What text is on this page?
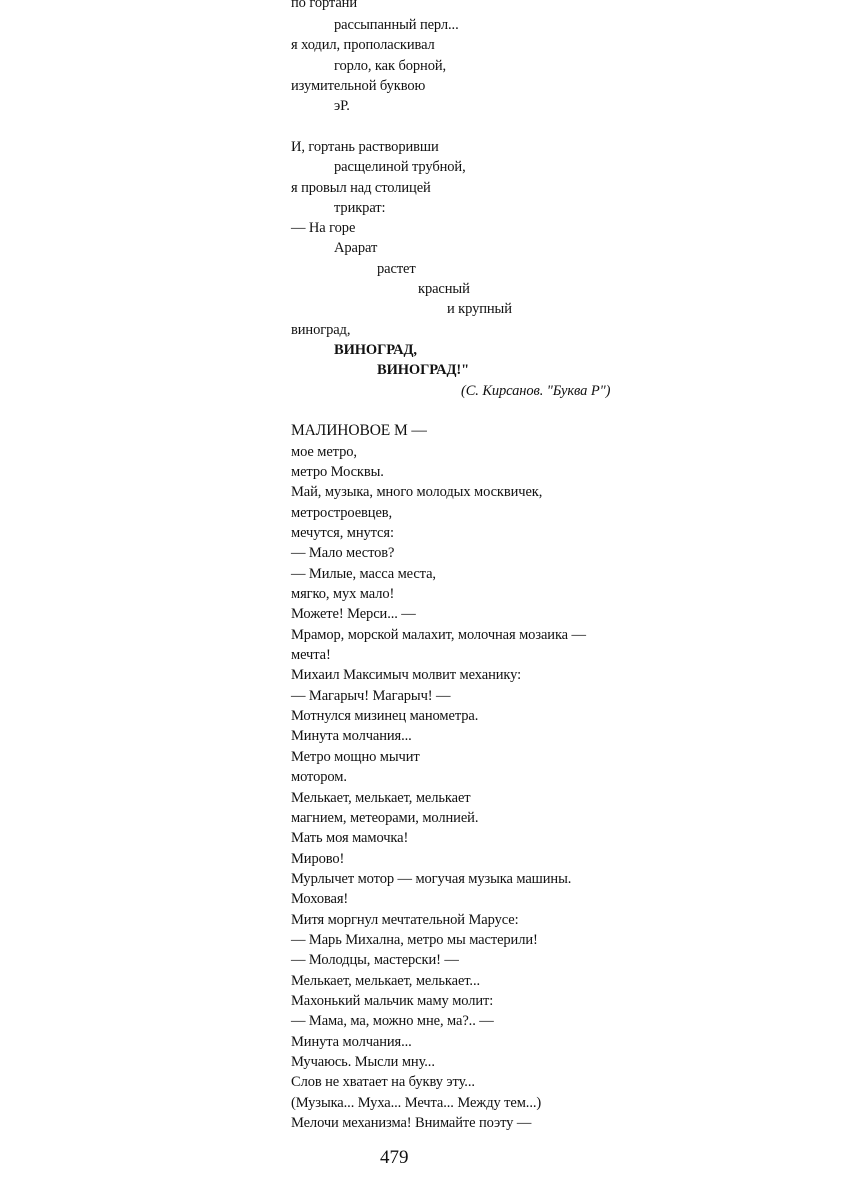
по гортани
рассыпанный перл...
я ходил, прополаскивал
горло, как борной,
изумительной буквою
эР.
И, гортань растворивши
расщелиной трубной,
я провыл над столицей
трикрат:
— На горе
Арарат
растет
красный
и крупный
виноград,
ВИНОГРАД,
ВИНОГРАД!"
(С. Кирсанов. "Буква Р")
МАЛИНОВОЕ М —
мое метро,
метро Москвы.
Май, музыка, много молодых москвичек,
метростроевцев,
мечутся, мнутся:
— Мало местов?
— Милые, масса места,
мягко, мух мало!
Можете! Мерси... —
Мрамор, морской малахит, молочная мозаика —
мечта!
Михаил Максимыч молвит механику:
— Магарыч! Магарыч! —
Мотнулся мизинец манометра.
Минута молчания...
Метро мощно мычит
мотором.
Мелькает, мелькает, мелькает
магнием, метеорами, молнией.
Мать моя мамочка!
Мирово!
Мурлычет мотор — могучая музыка машины.
Моховая!
Митя моргнул мечтательной Марусе:
— Марь Михална, метро мы мастерили!
— Молодцы, мастерски! —
Мелькает, мелькает, мелькает...
Махонький мальчик маму молит:
— Мама, ма, можно мне, ма?.. —
Минута молчания...
Мучаюсь. Мысли мну...
Слов не хватает на букву эту...
(Музыка... Муха... Мечта... Между тем...)
Мелочи механизма! Внимайте поэту —
479
